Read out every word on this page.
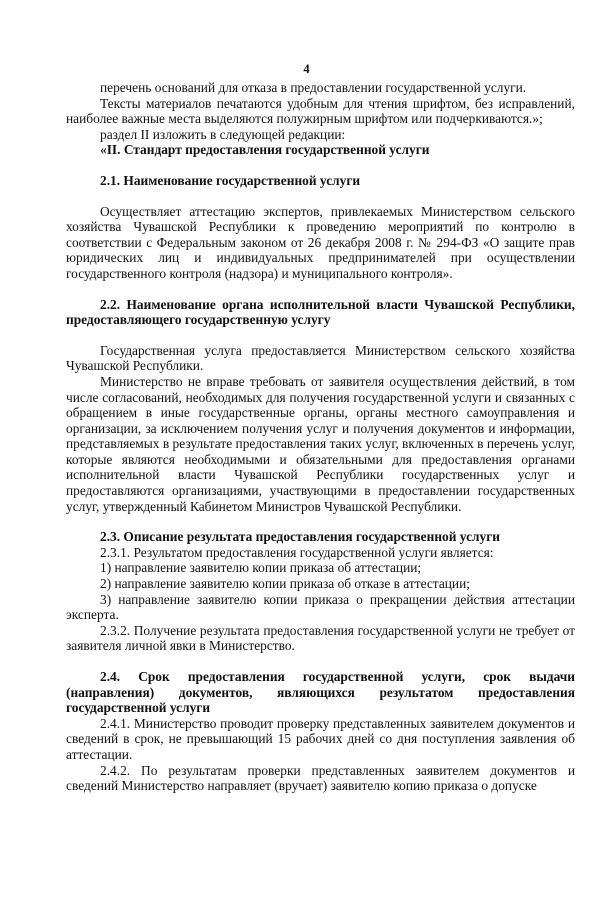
4

перечень оснований для отказа в предоставлении государственной услуги.

Тексты материалов печатаются удобным для чтения шрифтом, без исправлений, наиболее важные места выделяются полужирным шрифтом или подчеркиваются.»;

раздел II изложить в следующей редакции:

«II. Стандарт предоставления государственной услуги

2.1. Наименование государственной услуги

Осуществляет аттестацию экспертов, привлекаемых Министерством сельского хозяйства Чувашской Республики к проведению мероприятий по контролю в соответствии с Федеральным законом от 26 декабря 2008 г. № 294-ФЗ «О защите прав юридических лиц и индивидуальных предпринимателей при осуществлении государственного контроля (надзора) и муниципального контроля».

2.2. Наименование органа исполнительной власти Чувашской Республики, предоставляющего государственную услугу

Государственная услуга предоставляется Министерством сельского хозяйства Чувашской Республики.

Министерство не вправе требовать от заявителя осуществления действий, в том числе согласований, необходимых для получения государственной услуги и связанных с обращением в иные государственные органы, органы местного самоуправления и организации, за исключением получения услуг и получения документов и информации, представляемых в результате предоставления таких услуг, включенных в перечень услуг, которые являются необходимыми и обязательными для предоставления органами исполнительной власти Чувашской Республики государственных услуг и предоставляются организациями, участвующими в предоставлении государственных услуг, утвержденный Кабинетом Министров Чувашской Республики.

2.3. Описание результата предоставления государственной услуги

2.3.1. Результатом предоставления государственной услуги является:

1) направление заявителю копии приказа об аттестации;

2) направление заявителю копии приказа об отказе в аттестации;

3) направление заявителю копии приказа о прекращении действия аттестации эксперта.

2.3.2. Получение результата предоставления государственной услуги не требует от заявителя личной явки в Министерство.

2.4. Срок предоставления государственной услуги, срок выдачи (направления) документов, являющихся результатом предоставления государственной услуги

2.4.1. Министерство проводит проверку представленных заявителем документов и сведений в срок, не превышающий 15 рабочих дней со дня поступления заявления об аттестации.

2.4.2. По результатам проверки представленных заявителем документов и сведений Министерство направляет (вручает) заявителю копию приказа о допуске
